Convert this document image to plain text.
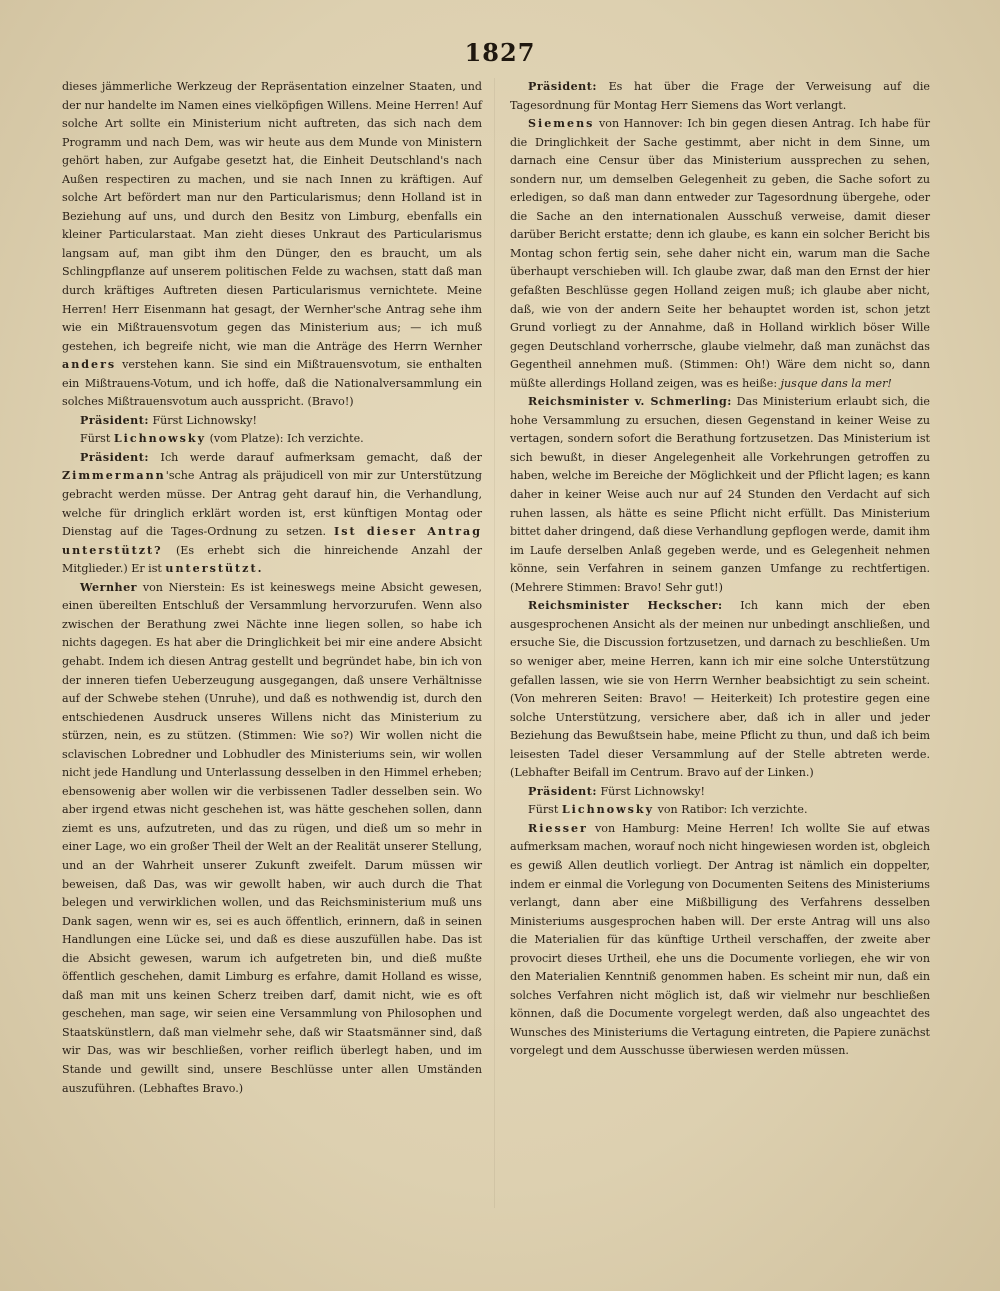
1827

dieses jämmerliche Werkzeug der Repräsentation einzelner Staaten, und der nur handelte im Namen eines vielköpfigen Willens. Meine Herren! Auf solche Art sollte ein Ministerium nicht auftreten, das sich nach dem Programm und nach Dem, was wir heute aus dem Munde von Ministern gehört haben, zur Aufgabe gesetzt hat, die Einheit Deutschland's nach Außen respectiren zu machen, und sie nach Innen zu kräftigen. Auf solche Art befördert man nur den Particularismus; denn Holland ist in Beziehung auf uns, und durch den Besitz von Limburg, ebenfalls ein kleiner Particularstaat. Man zieht dieses Unkraut des Particularismus langsam auf, man gibt ihm den Dünger, den es braucht, um als Schlingpflanze auf unserem politischen Felde zu wachsen, statt daß man durch kräftiges Auftreten diesen Particularismus vernichtete. Meine Herren! Herr Eisenmann hat gesagt, der Wernher'sche Antrag sehe ihm wie ein Mißtrauensvotum gegen das Ministerium aus; — ich muß gestehen, ich begreife nicht, wie man die Anträge des Herrn Wernher anders verstehen kann. Sie sind ein Mißtrauensvotum, sie enthalten ein Mißtrauens-Votum, und ich hoffe, daß die Nationalversammlung ein solches Mißtrauensvotum auch ausspricht. (Bravo!)

Präsident: Fürst Lichnowsky!

Fürst Lichnowsky (vom Platze): Ich verzichte.

Präsident: Ich werde darauf aufmerksam gemacht, daß der Zimmermann'sche Antrag als präjudicell von mir zur Unterstützung gebracht werden müsse. Der Antrag geht darauf hin, die Verhandlung, welche für dringlich erklärt worden ist, erst künftigen Montag oder Dienstag auf die Tages-Ordnung zu setzen. Ist dieser Antrag unterstützt? (Es erhebt sich die hinreichende Anzahl der Mitglieder.) Er ist unterstützt.

Wernher von Nierstein: Es ist keineswegs meine Absicht gewesen, einen übereilten Entschluß der Versammlung hervorzurufen. Wenn also zwischen der Berathung zwei Nächte inne liegen sollen, so habe ich nichts dagegen. Es hat aber die Dringlichkeit bei mir eine andere Absicht gehabt. Indem ich diesen Antrag gestellt und begründet habe, bin ich von der inneren tiefen Ueberzeugung ausgegangen, daß unsere Verhältnisse auf der Schwebe stehen (Unruhe), und daß es nothwendig ist, durch den entschiedenen Ausdruck unseres Willens nicht das Ministerium zu stürzen, nein, es zu stützen. (Stimmen: Wie so?) Wir wollen nicht die sclavischen Lobredner und Lobhudler des Ministeriums sein, wir wollen nicht jede Handlung und Unterlassung desselben in den Himmel erheben; ebensowenig aber wollen wir die verbissenen Tadler desselben sein. Wo aber irgend etwas nicht geschehen ist, was hätte geschehen sollen, dann ziemt es uns, aufzutreten, und das zu rügen, und dieß um so mehr in einer Lage, wo ein großer Theil der Welt an der Realität unserer Stellung, und an der Wahrheit unserer Zukunft zweifelt. Darum müssen wir beweisen, daß Das, was wir gewollt haben, wir auch durch die That belegen und verwirklichen wollen, und das Reichsministerium muß uns Dank sagen, wenn wir es, sei es auch öffentlich, erinnern, daß in seinen Handlungen eine Lücke sei, und daß es diese auszufüllen habe. Das ist die Absicht gewesen, warum ich aufgetreten bin, und dieß mußte öffentlich geschehen, damit Limburg es erfahre, damit Holland es wisse, daß man mit uns keinen Scherz treiben darf, damit nicht, wie es oft geschehen, man sage, wir seien eine Versammlung von Philosophen und Staatskünstlern, daß man vielmehr sehe, daß wir Staatsmänner sind, daß wir Das, was wir beschließen, vorher reiflich überlegt haben, und im Stande und gewillt sind, unsere Beschlüsse unter allen Umständen auszuführen. (Lebhaftes Bravo.)

Präsident: Es hat über die Frage der Verweisung auf die Tagesordnung für Montag Herr Siemens das Wort verlangt.

Siemens von Hannover: Ich bin gegen diesen Antrag. Ich habe für die Dringlichkeit der Sache gestimmt, aber nicht in dem Sinne, um darnach eine Censur über das Ministerium aussprechen zu sehen, sondern nur, um demselben Gelegenheit zu geben, die Sache sofort zu erledigen, so daß man dann entweder zur Tagesordnung übergehe, oder die Sache an den internationalen Ausschuß verweise, damit dieser darüber Bericht erstatte; denn ich glaube, es kann ein solcher Bericht bis Montag schon fertig sein, sehe daher nicht ein, warum man die Sache überhaupt verschieben will. Ich glaube zwar, daß man den Ernst der hier gefaßten Beschlüsse gegen Holland zeigen muß; ich glaube aber nicht, daß, wie von der andern Seite her behauptet worden ist, schon jetzt Grund vorliegt zu der Annahme, daß in Holland wirklich böser Wille gegen Deutschland vorherrsche, glaube vielmehr, daß man zunächst das Gegentheil annehmen muß. (Stimmen: Oh!) Wäre dem nicht so, dann müßte allerdings Holland zeigen, was es heiße: jusque dans la mer!

Reichsminister v. Schmerling: Das Ministerium erlaubt sich, die hohe Versammlung zu ersuchen, diesen Gegenstand in keiner Weise zu vertagen, sondern sofort die Berathung fortzusetzen. Das Ministerium ist sich bewußt, in dieser Angelegenheit alle Vorkehrungen getroffen zu haben, welche im Bereiche der Möglichkeit und der Pflicht lagen; es kann daher in keiner Weise auch nur auf 24 Stunden den Verdacht auf sich ruhen lassen, als hätte es seine Pflicht nicht erfüllt. Das Ministerium bittet daher dringend, daß diese Verhandlung gepflogen werde, damit ihm im Laufe derselben Anlaß gegeben werde, und es Gelegenheit nehmen könne, sein Verfahren in seinem ganzen Umfange zu rechtfertigen. (Mehrere Stimmen: Bravo! Sehr gut!)

Reichsminister Heckscher: Ich kann mich der eben ausgesprochenen Ansicht als der meinen nur unbedingt anschließen, und ersuche Sie, die Discussion fortzusetzen, und darnach zu beschließen. Um so weniger aber, meine Herren, kann ich mir eine solche Unterstützung gefallen lassen, wie sie von Herrn Wernher beabsichtigt zu sein scheint. (Von mehreren Seiten: Bravo! — Heiterkeit) Ich protestire gegen eine solche Unterstützung, versichere aber, daß ich in aller und jeder Beziehung das Bewußtsein habe, meine Pflicht zu thun, und daß ich beim leisesten Tadel dieser Versammlung auf der Stelle abtreten werde. (Lebhafter Beifall im Centrum. Bravo auf der Linken.)

Präsident: Fürst Lichnowsky!

Fürst Lichnowsky von Ratibor: Ich verzichte.

Riesser von Hamburg: Meine Herren! Ich wollte Sie auf etwas aufmerksam machen, worauf noch nicht hingewiesen worden ist, obgleich es gewiß Allen deutlich vorliegt. Der Antrag ist nämlich ein doppelter, indem er einmal die Vorlegung von Documenten Seitens des Ministeriums verlangt, dann aber eine Mißbilligung des Verfahrens desselben Ministeriums ausgesprochen haben will. Der erste Antrag will uns also die Materialien für das künftige Urtheil verschaffen, der zweite aber provocirt dieses Urtheil, ehe uns die Documente vorliegen, ehe wir von den Materialien Kenntniß genommen haben. Es scheint mir nun, daß ein solches Verfahren nicht möglich ist, daß wir vielmehr nur beschließen können, daß die Documente vorgelegt werden, daß also ungeachtet des Wunsches des Ministeriums die Vertagung eintreten, die Papiere zunächst vorgelegt und dem Ausschusse überwiesen werden müssen.
